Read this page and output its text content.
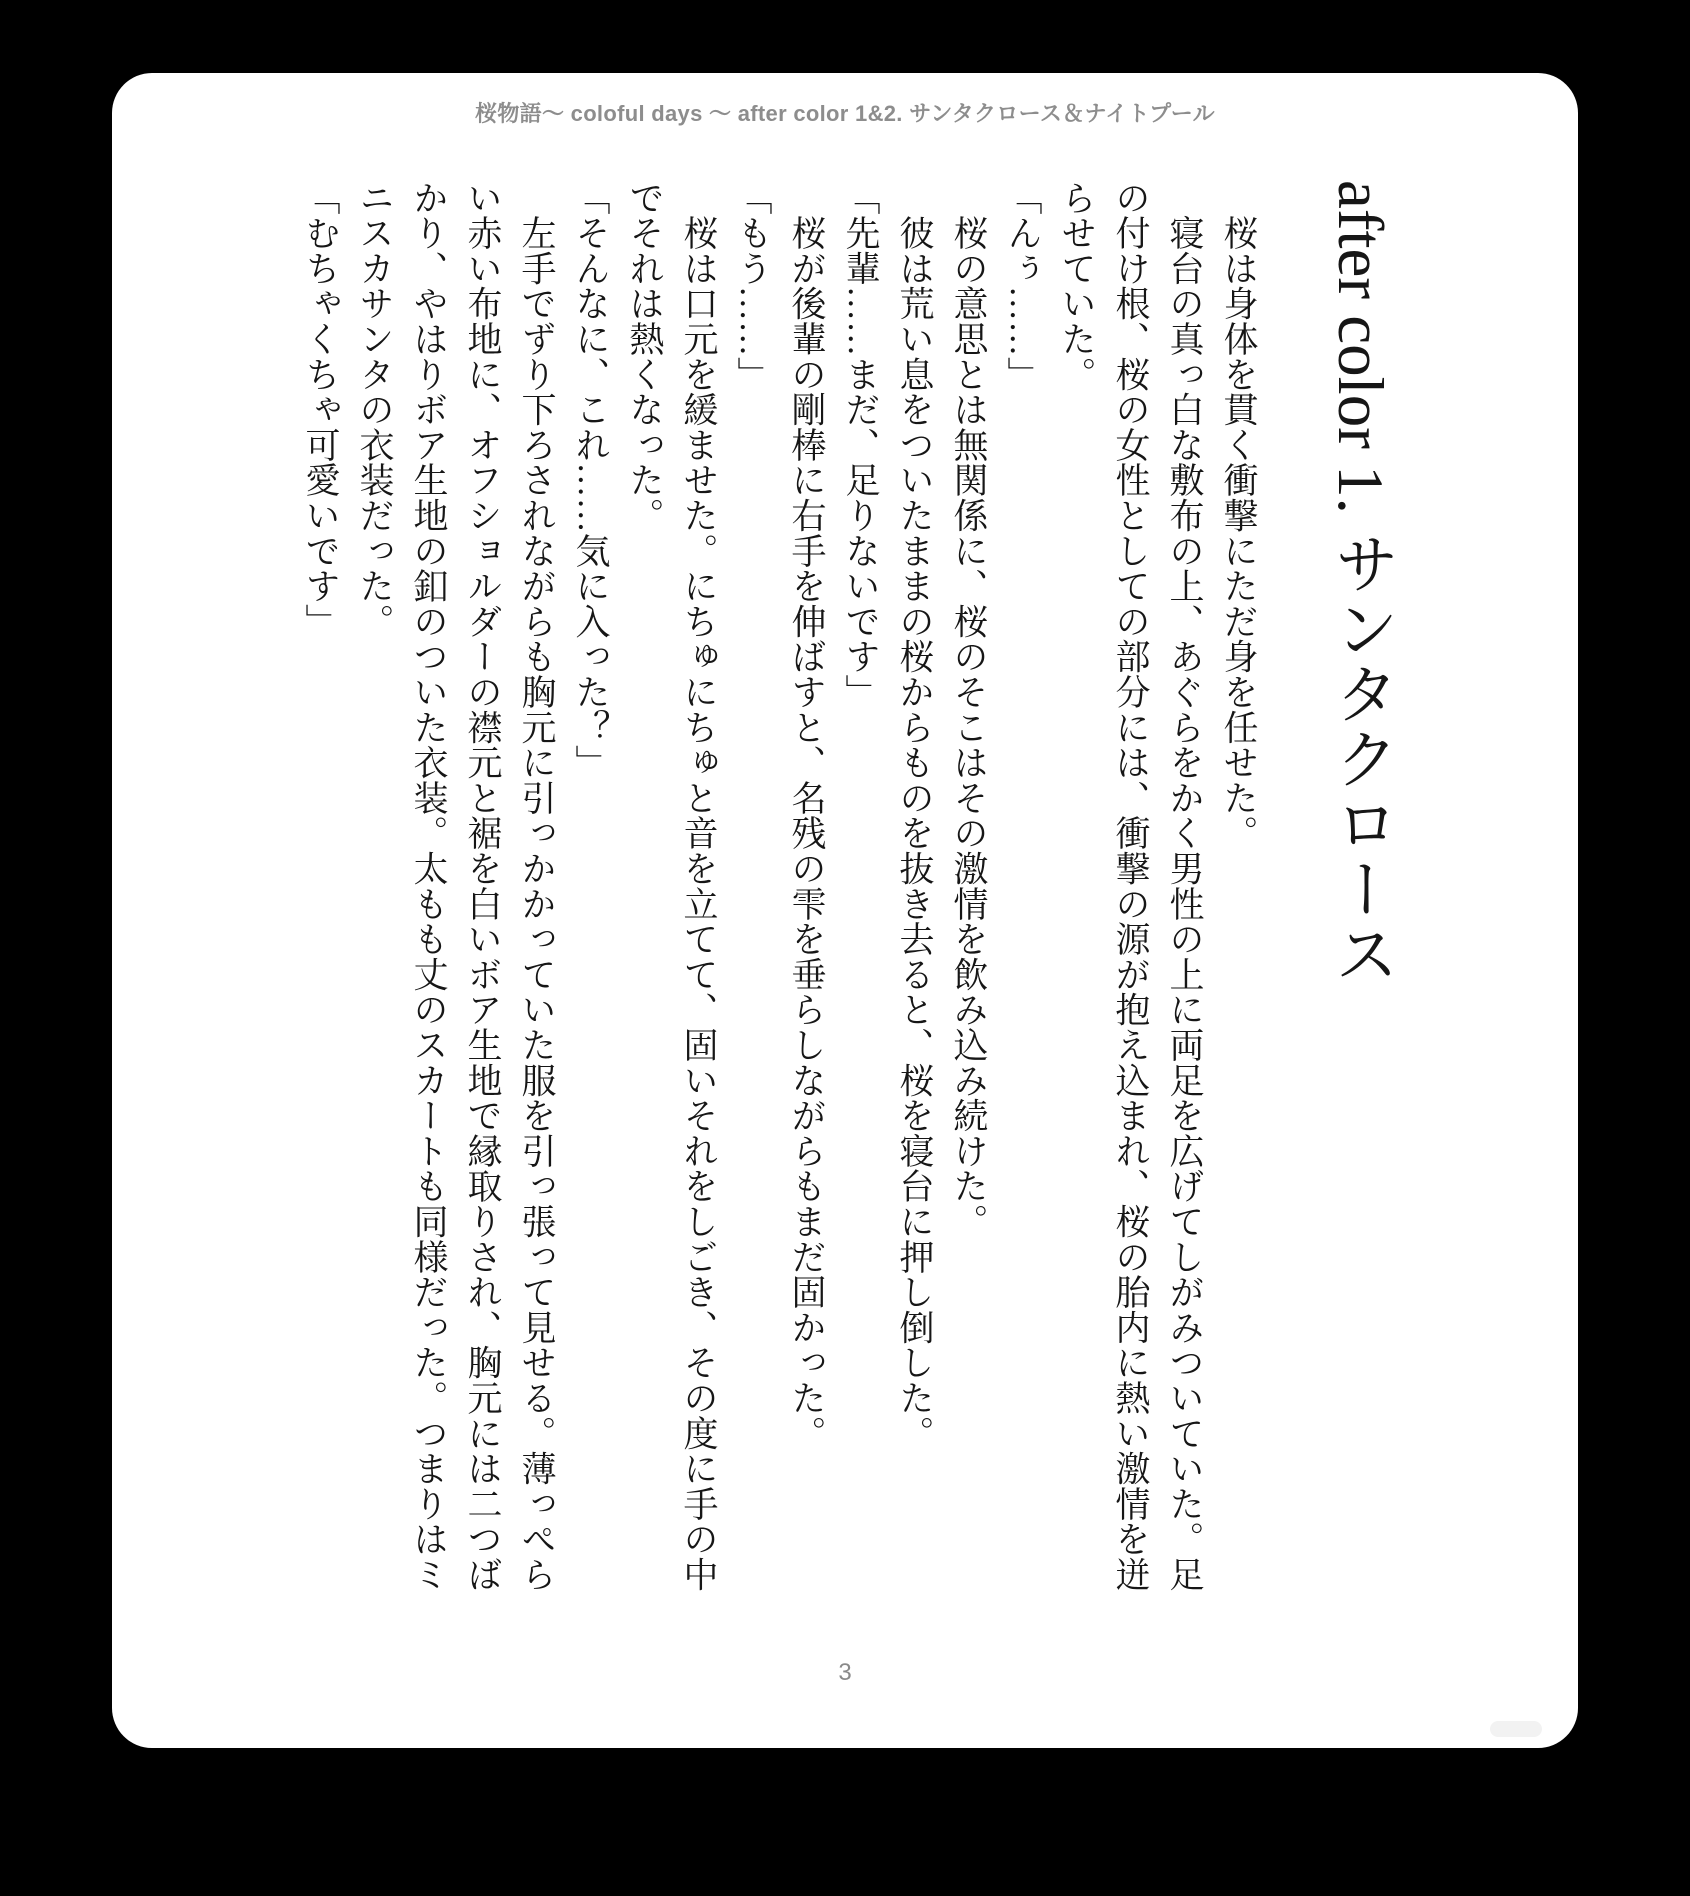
桜物語〜 coloful days 〜 after color 1&2. サンタクロース＆ナイトプール
after color 1. サンタクロース

　桜は身体を貫く衝撃にただ身を任せた。

　寝台の真っ白な敷布の上、あぐらをかく男性の上に両足を広げてしがみついていた。足の付け根、桜の女性としての部分には、衝撃の源が抱え込まれ、桜の胎内に熱い激情を迸らせていた。

「んぅ……」

　桜の意思とは無関係に、桜のそこはその激情を飲み込み続けた。

　彼は荒い息をついたままの桜からものを抜き去ると、桜を寝台に押し倒した。

「先輩……まだ、足りないです」

　桜が後輩の剛棒に右手を伸ばすと、名残の雫を垂らしながらもまだ固かった。

「もう……」

　桜は口元を緩ませた。にちゅにちゅと音を立てて、固いそれをしごき、その度に手の中でそれは熱くなった。

「そんなに、これ……気に入った？」

　左手でずり下ろされながらも胸元に引っかかっていた服を引っ張って見せる。薄っぺらい赤い布地に、オフショルダーの襟元と裾を白いボア生地で縁取りされ、胸元には二つばかり、やはりボア生地の釦のついた衣装。太もも丈のスカートも同様だった。つまりはミニスカサンタの衣装だった。

「むちゃくちゃ可愛いです」

3
